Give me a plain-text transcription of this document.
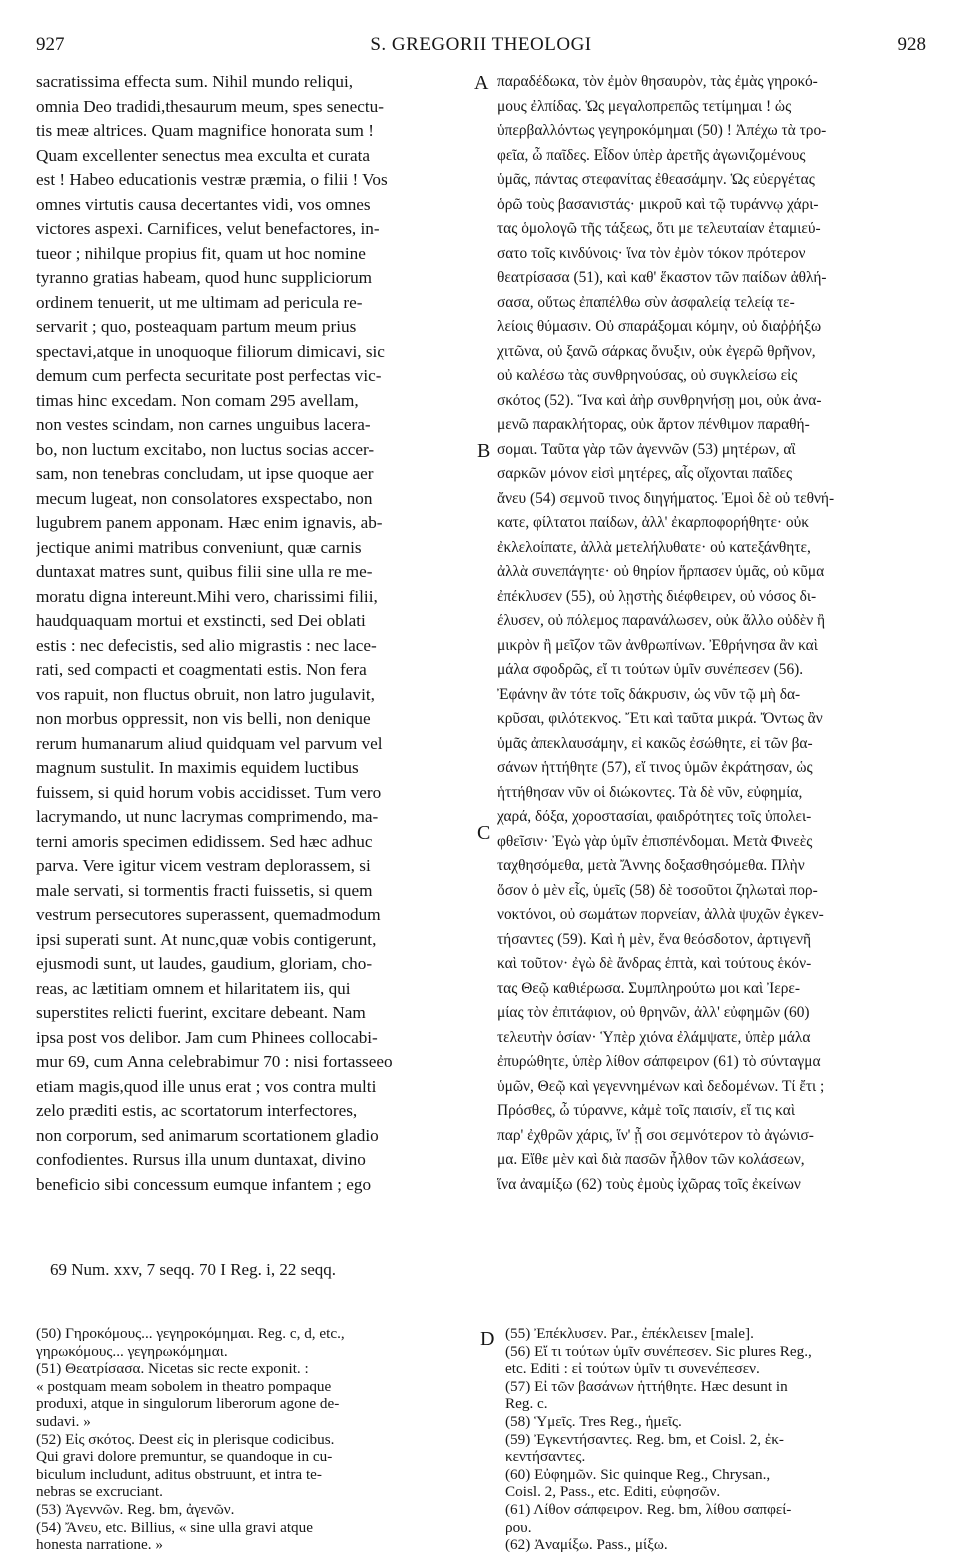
927	S. GREGORII THEOLOGI	928
sacratissima effecta sum. Nihil mundo reliqui,
omnia Deo tradidi,thesaurum meum, spes senectu-
tis meæ altrices. Quam magnifice honorata sum !
Quam excellenter senectus mea exculta et curata
est ! Habeo educationis vestræ præmia, o filii ! Vos
omnes virtutis causa decertantes vidi, vos omnes
victores aspexi. Carnifices, velut benefactores, in-
tueor ; nihilque propius fit, quam ut hoc nomine
tyranno gratias habeam, quod hunc suppliciorum
ordinem tenuerit, ut me ultimam ad pericula re-
servarit ; quo, posteaquam partum meum prius
spectavi,atque in unoquoque filiorum dimicavi, sic
demum cum perfecta securitate post perfectas vic-
timas hinc excedam. Non comam 295 avellam,
non vestes scindam, non carnes unguibus lacera-
bo, non luctum excitabo, non luctus socias accer-
sam, non tenebras concludam, ut ipse quoque aer
mecum lugeat, non consolatores exspectabo, non
lugubrem panem apponam. Hæc enim ignavis, ab-
jectique animi matribus conveniunt, quæ carnis
duntaxat matres sunt, quibus filii sine ulla re me-
moratu digna intereunt.Mihi vero, charissimi filii,
haudquaquam mortui et exstincti, sed Dei oblati
estis : nec defecistis, sed alio migrastis : nec lace-
rati, sed compacti et coagmentati estis. Non fera
vos rapuit, non fluctus obruit, non latro jugulavit,
non morbus oppressit, non vis belli, non denique
rerum humanarum aliud quidquam vel parvum vel
magnum sustulit. In maximis equidem luctibus
fuissem, si quid horum vobis accidisset. Tum vero
lacrymando, ut nunc lacrymas comprimendo, ma-
terni amoris specimen edidissem. Sed hæc adhuc
parva. Vere igitur vicem vestram deplorassem, si
male servati, si tormentis fracti fuissetis, si quem
vestrum persecutores superassent, quemadmodum
ipsi superati sunt. At nunc,quæ vobis contigerunt,
ejusmodi sunt, ut laudes, gaudium, gloriam, cho-
reas, ac lætitiam omnem et hilaritatem iis, qui
superstites relicti fuerint, excitare debeant. Nam
ipsa post vos delibor. Jam cum Phinees collocabi-
mur 69, cum Anna celebrabimur 70 : nisi fortasseeo
etiam magis,quod ille unus erat ; vos contra multi
zelo præditi estis, ac scortatorum interfectores,
non corporum, sed animarum scortationem gladio
confodientes. Rursus illa unum duntaxat, divino
beneficio sibi concessum eumque infantem ; ego
παραδέδωκα, τὸν ἐμὸν θησαυρὸν, τὰς ἐμὰς γηροκό-
μους ἐλπίδας. Ὡς μεγαλοπρεπῶς τετίμημαι ! ὡς
ὑπερβαλλόντως γεγηροκόμημαι (50) ! Ἀπέχω τὰ τρο-
φεῖα, ὦ παῖδες. Εἶδον ὑπὲρ ἀρετῆς ἀγωνιζομένους
ὑμᾶς, πάντας στεφανίτας ἐθεασάμην. Ὡς εὐεργέτας
ὁρῶ τοὺς βασανιστάς· μικροῦ καὶ τῷ τυράννῳ χάρι-
τας ὁμολογῶ τῆς τάξεως, ὅτι με τελευταίαν ἐταμιεύ-
σατο τοῖς κινδύνοις· ἵνα τὸν ἐμὸν τόκον πρότερον
θεατρίσασα (51), καὶ καθ' ἕκαστον τῶν παίδων ἀθλή-
σασα, οὕτως ἐπαπέλθω σὺν ἀσφαλείᾳ τελείᾳ τε-
λείοις θύμασιν. Οὐ σπαράξομαι κόμην, οὐ διαῤῥήξω
χιτῶνα, οὐ ξανῶ σάρκας ὄνυξιν, οὐκ ἐγερῶ θρῆνον,
οὐ καλέσω τὰς συνθρηνούσας, οὐ συγκλείσω εἰς
σκότος (52). Ἵνα καὶ ἀὴρ συνθρηνήσῃ μοι, οὐκ ἀνα-
μενῶ παρακλήτορας, οὐκ ἄρτον πένθιμον παραθή-
σομαι. Ταῦτα γὰρ τῶν ἀγεννῶν (53) μητέρων, αἳ
σαρκῶν μόνον εἰσὶ μητέρες, αἷς οἴχονται παῖδες
ἄνευ (54) σεμνοῦ τινος διηγήματος. Ἐμοὶ δὲ οὐ τεθνή-
κατε, φίλτατοι παίδων, ἀλλ' ἐκαρποφορήθητε· οὐκ
ἐκλελοίπατε, ἀλλὰ μετελήλυθατε· οὐ κατεξάνθητε,
ἀλλὰ συνεπάγητε· οὐ θηρίον ἥρπασεν ὑμᾶς, οὐ κῦμα
ἐπέκλυσεν (55), οὐ λῃστὴς διέφθειρεν, οὐ νόσος δι-
έλυσεν, οὐ πόλεμος παρανάλωσεν, οὐκ ἄλλο οὐδὲν ἢ
μικρὸν ἢ μεῖζον τῶν ἀνθρωπίνων. Ἐθρήνησα ἂν καὶ
μάλα σφοδρῶς, εἴ τι τούτων ὑμῖν συνέπεσεν (56).
Ἐφάνην ἂν τότε τοῖς δάκρυσιν, ὡς νῦν τῷ μὴ δα-
κρῦσαι, φιλότεκνος. Ἔτι καὶ ταῦτα μικρά. Ὄντως ἂν
ὑμᾶς ἀπεκλαυσάμην, εἰ κακῶς ἐσώθητε, εἰ τῶν βα-
σάνων ἡττήθητε (57), εἴ τινος ὑμῶν ἐκράτησαν, ὡς
ἡττήθησαν νῦν οἱ διώκοντες. Τὰ δὲ νῦν, εὐφημία,
χαρά, δόξα, χοροστασίαι, φαιδρότητες τοῖς ὑπολει-
φθεῖσιν· Ἐγὼ γὰρ ὑμῖν ἐπισπένδομαι. Μετὰ Φινεὲς
ταχθησόμεθα, μετὰ Ἄννης δοξασθησόμεθα. Πλὴν
ὅσον ὁ μὲν εἷς, ὑμεῖς (58) δὲ τοσοῦτοι ζηλωταὶ πορ-
νοκτόνοι, οὐ σωμάτων πορνείαν, ἀλλὰ ψυχῶν ἐγκεν-
τήσαντες (59). Καὶ ἡ μὲν, ἕνα θεόσδοτον, ἀρτιγενῆ
καὶ τοῦτον· ἐγὼ δὲ ἄνδρας ἑπτὰ, καὶ τούτους ἑκόν-
τας Θεῷ καθιέρωσα. Συμπληρούτω μοι καὶ Ἰερε-
μίας τὸν ἐπιτάφιον, οὐ θρηνῶν, ἀλλ' εὐφημῶν (60)
τελευτὴν ὁσίαν· Ὑπὲρ χιόνα ἐλάμψατε, ὑπὲρ μάλα
ἐπυρώθητε, ὑπὲρ λίθον σάπφειρον (61) τὸ σύνταγμα
ὑμῶν, Θεῷ καὶ γεγεννημένων καὶ δεδομένων. Τί ἔτι ;
Πρόσθες, ὦ τύραννε, κἀμὲ τοῖς παισίν, εἴ τις καὶ
παρ' ἐχθρῶν χάρις, ἵν' ᾖ σοι σεμνότερον τὸ ἀγώνισ-
μα. Εἴθε μὲν καὶ διὰ πασῶν ἦλθον τῶν κολάσεων,
ἵνα ἀναμίξω (62) τοὺς ἐμοὺς ἰχῶρας τοῖς ἐκείνων
A
B
C
D
69 Num. xxv, 7 seqq. 70 I Reg. i, 22 seqq.
(50) Γηροκόμους... γεγηροκόμημαι. Reg. c, d, etc.,
γηρωκόμους... γεγηρωκόμημαι.
(51) Θεατρίσασα. Nicetas sic recte exponit. :
« postquam meam sobolem in theatro pompaque
produxi, atque in singulorum liberorum agone de-
sudavi. »
(52) Εἰς σκότος. Deest εἰς in plerisque codicibus.
Qui gravi dolore premuntur, se quandoque in cu-
biculum includunt, aditus obstruunt, et intra te-
nebras se excruciant.
(53) Ἀγεννῶν. Reg. bm, ἀγενῶν.
(54) Ἄνευ, etc. Billius, « sine ulla gravi atque
honesta narratione. »
(55) Ἐπέκλυσεν. Par., ἐπέκλειsεν [male].
(56) Εἴ τι τούτων ὑμῖν συνέπεσεν. Sic plures Reg.,
etc. Editi : εἰ τούτων ὑμῖν τι συνενέπεσεν.
(57) Εἰ τῶν βασάνων ἡττήθητε. Hæc desunt in
Reg. c.
(58) Ὑμεῖς. Tres Reg., ἡμεῖς.
(59) Ἐγκεντήσαντες. Reg. bm, et Coisl. 2, ἐκ-
κεντήσαντες.
(60) Εὐφημῶν. Sic quinque Reg., Chrysan.,
Coisl. 2, Pass., etc. Editi, εὐφησῶν.
(61) Λίθον σάπφειρον. Reg. bm, λίθου σαπφεί-
ρου.
(62) Ἀναμίξω. Pass., μίξω.
